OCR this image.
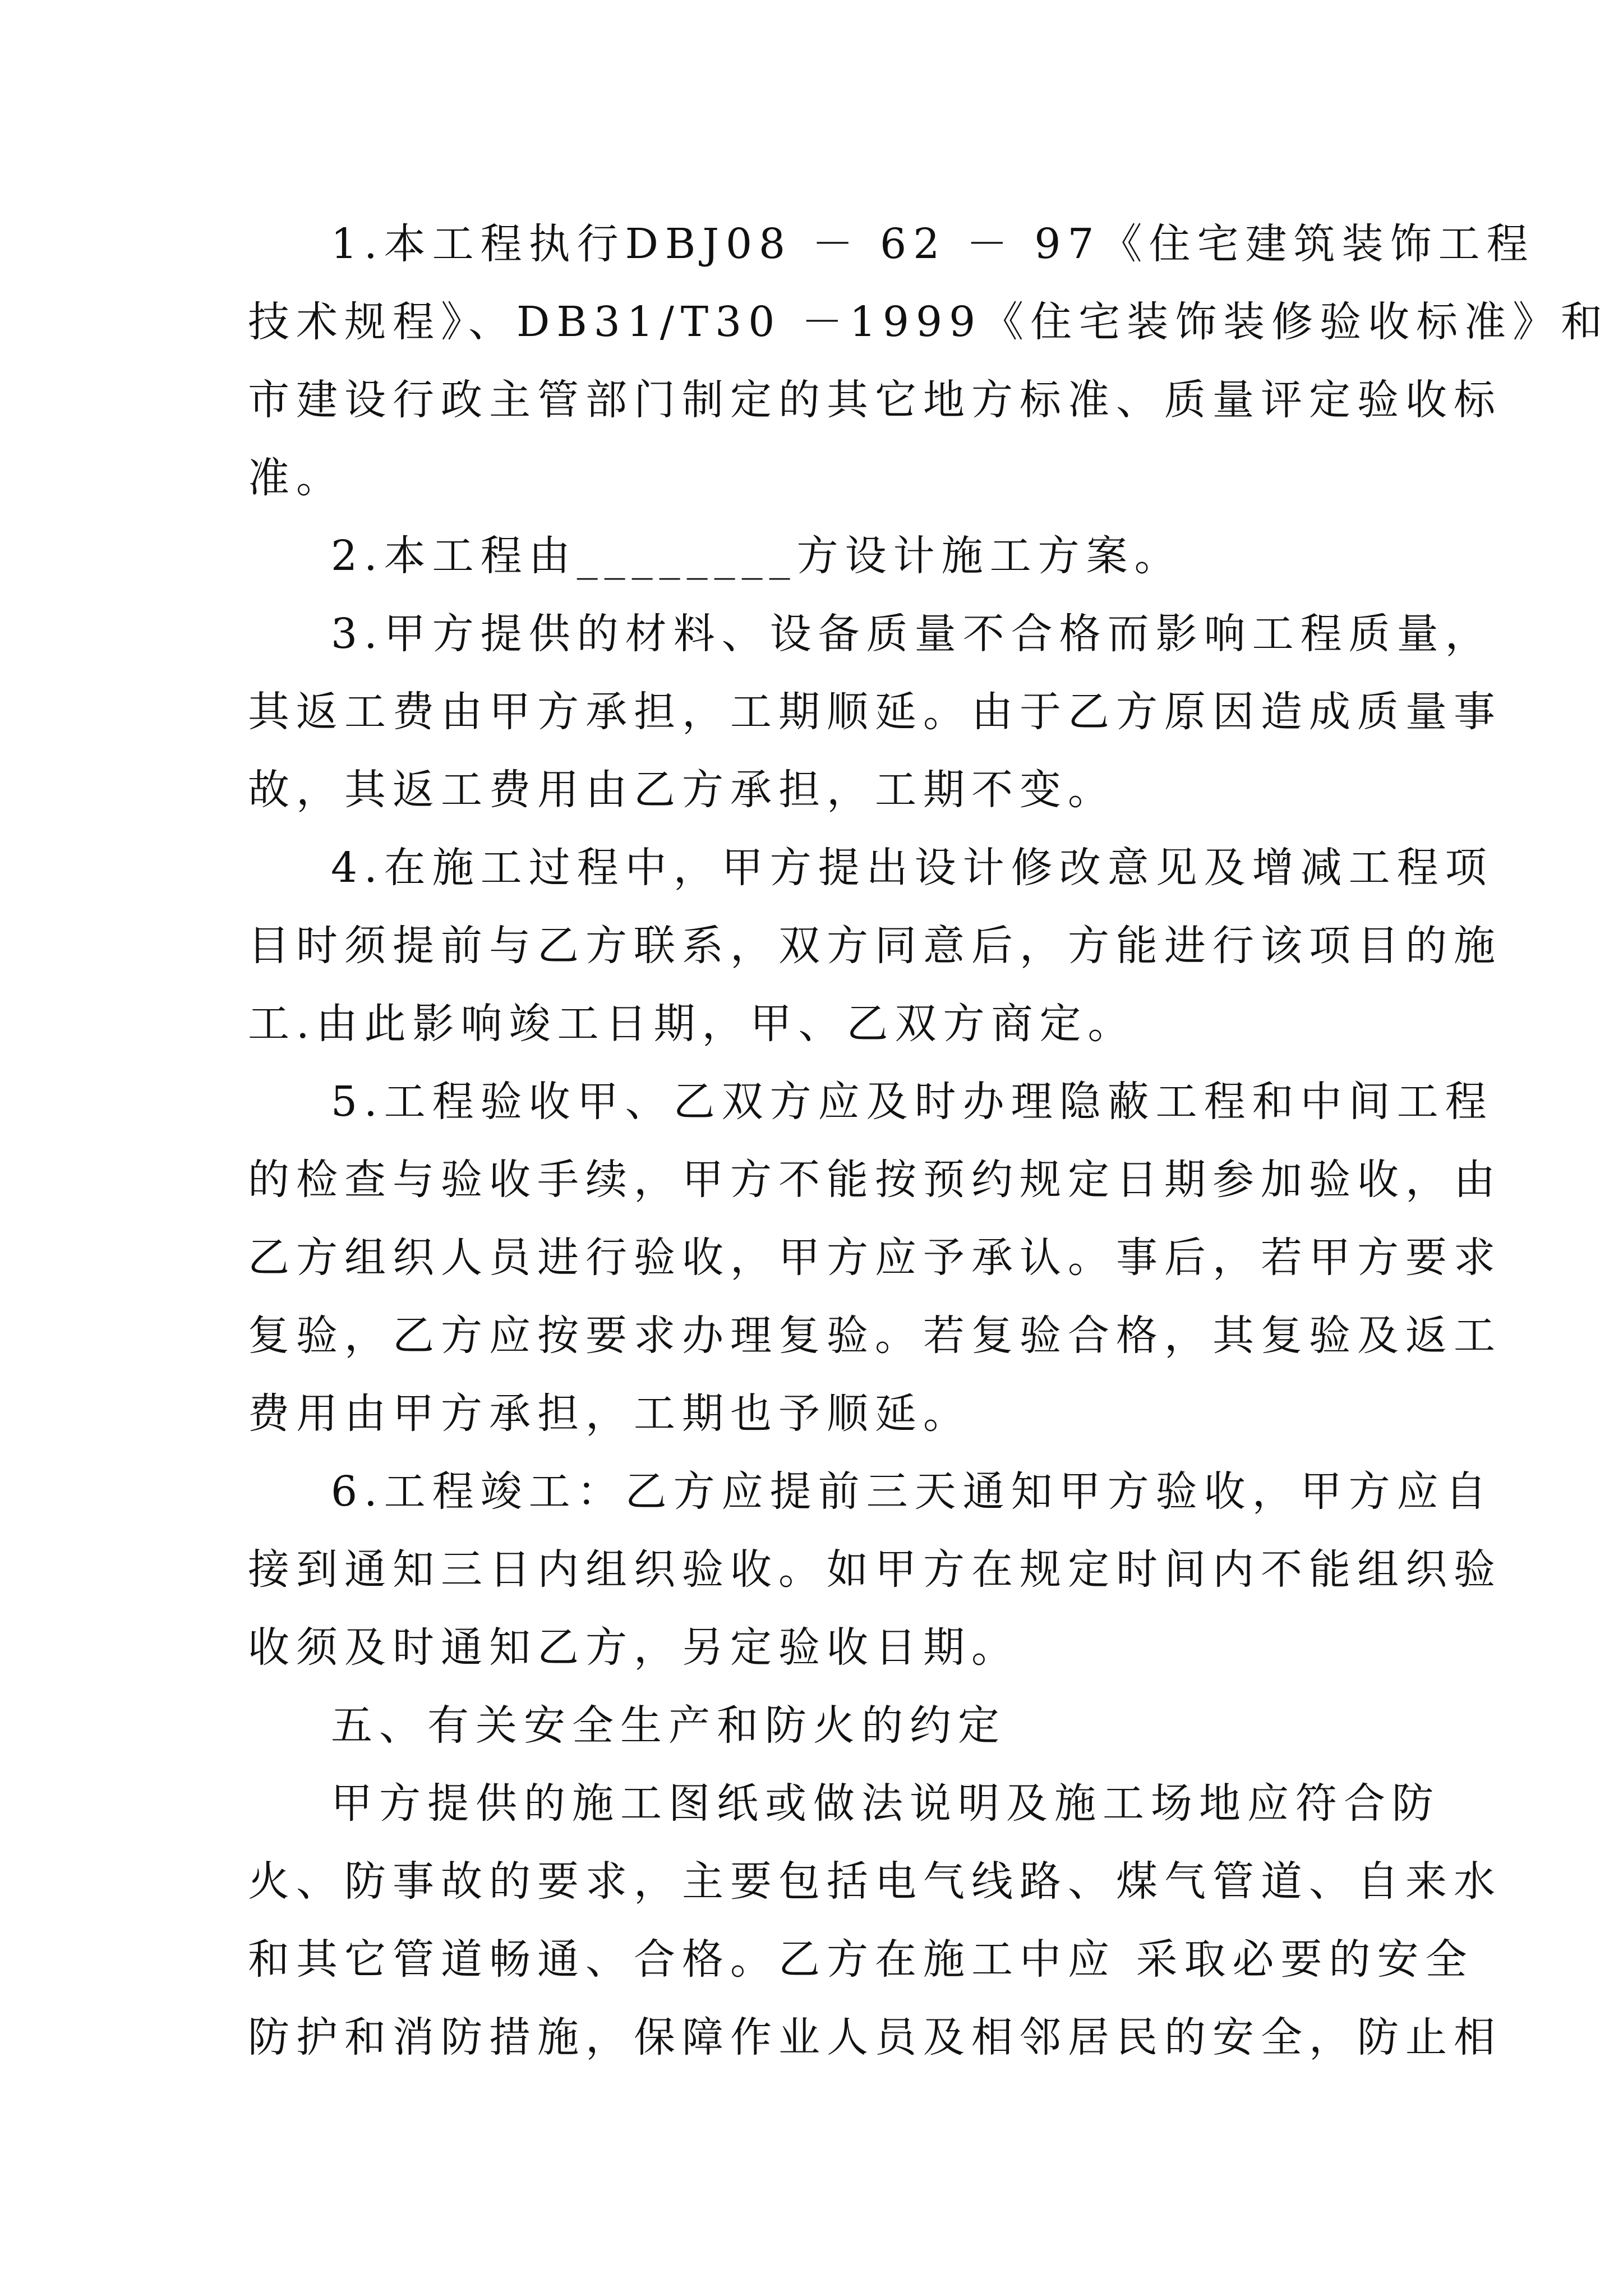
1.本工程执行DBJ08 － 62 － 97《住宅建筑装饰工程
技术规程》、DB31/T30 －1999《住宅装饰装修验收标准》和
市建设行政主管部门制定的其它地方标准、质量评定验收标
准。
2.本工程由________方设计施工方案。
3.甲方提供的材料、设备质量不合格而影响工程质量，
其返工费由甲方承担，工期顺延。由于乙方原因造成质量事
故，其返工费用由乙方承担，工期不变。
4.在施工过程中，甲方提出设计修改意见及增减工程项
目时须提前与乙方联系，双方同意后，方能进行该项目的施
工.由此影响竣工日期，甲、乙双方商定。
5.工程验收甲、乙双方应及时办理隐蔽工程和中间工程
的检查与验收手续，甲方不能按预约规定日期参加验收，由
乙方组织人员进行验收，甲方应予承认。事后，若甲方要求
复验，乙方应按要求办理复验。若复验合格，其复验及返工
费用由甲方承担，工期也予顺延。
6.工程竣工：乙方应提前三天通知甲方验收，甲方应自
接到通知三日内组织验收。如甲方在规定时间内不能组织验
收须及时通知乙方，另定验收日期。
五、有关安全生产和防火的约定
甲方提供的施工图纸或做法说明及施工场地应符合防
火、防事故的要求，主要包括电气线路、煤气管道、自来水
和其它管道畅通、合格。乙方在施工中应 采取必要的安全
防护和消防措施，保障作业人员及相邻居民的安全，防止相
